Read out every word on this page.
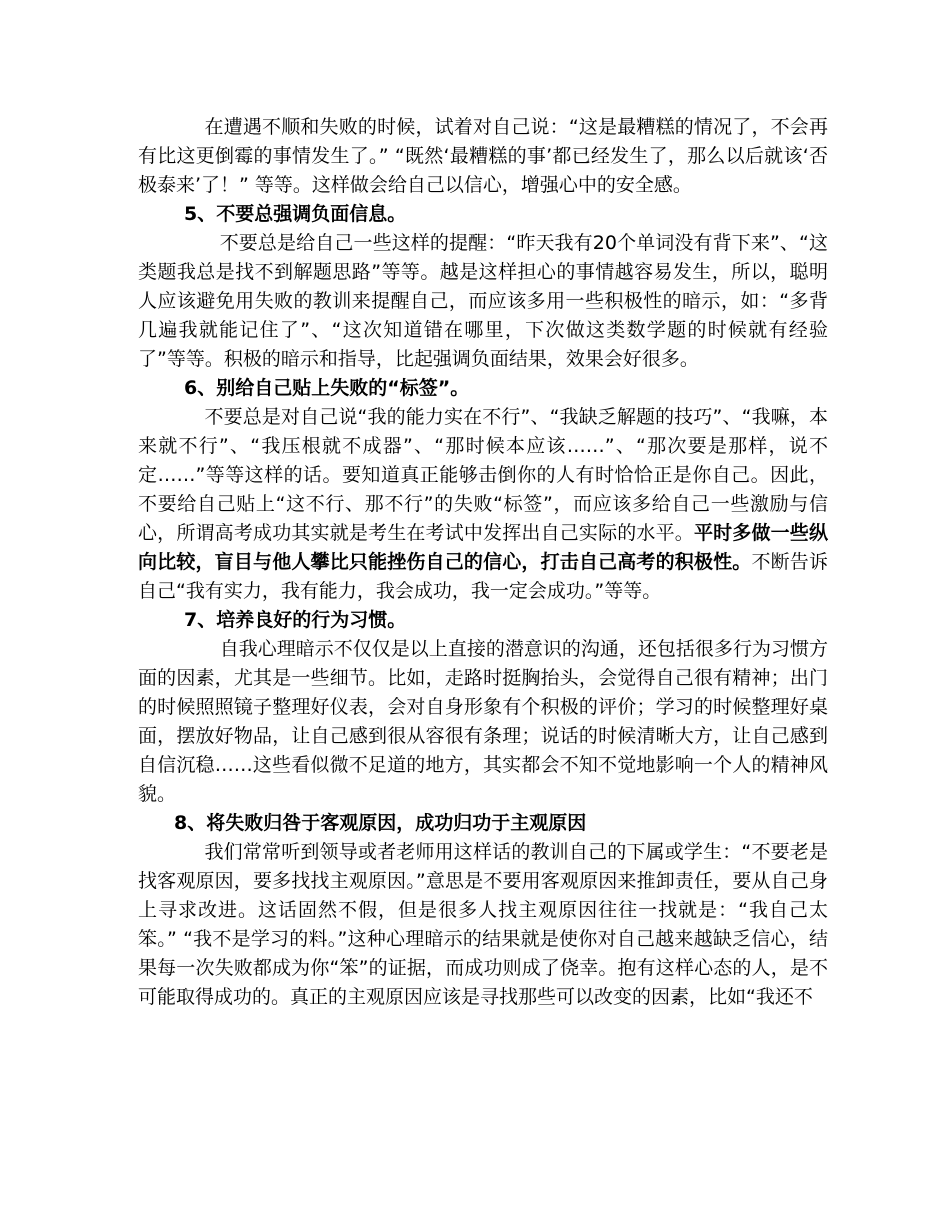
在遭遇不顺和失败的时候，试着对自己说：“这是最糟糕的情况了，不会再有比这更倒霉的事情发生了。” “既然‘最糟糕的事’都已经发生了，那么以后就该‘否极泰来’了！” 等等。这样做会给自己以信心，增强心中的安全感。

5、不要总强调负面信息。

不要总是给自己一些这样的提醒：“昨天我有20个单词没有背下来”、“这类题我总是找不到解题思路”等等。越是这样担心的事情越容易发生，所以，聪明人应该避免用失败的教训来提醒自己，而应该多用一些积极性的暗示，如：“多背几遍我就能记住了”、“这次知道错在哪里，下次做这类数学题的时候就有经验了”等等。积极的暗示和指导，比起强调负面结果，效果会好很多。

6、别给自己贴上失败的“标签”。

不要总是对自己说“我的能力实在不行”、“我缺乏解题的技巧”、“我嘛，本来就不行”、“我压根就不成器”、“那时候本应该……”、“那次要是那样，说不定……”等等这样的话。要知道真正能够击倒你的人有时恰恰正是你自己。因此，不要给自己贴上“这不行、那不行”的失败“标签”，而应该多给自己一些激励与信心，所谓高考成功其实就是考生在考试中发挥出自己实际的水平。平时多做一些纵向比较，盲目与他人攀比只能挫伤自己的信心，打击自己高考的积极性。不断告诉自己“我有实力，我有能力，我会成功，我一定会成功。”等等。

7、培养良好的行为习惯。

自我心理暗示不仅仅是以上直接的潜意识的沟通，还包括很多行为习惯方面的因素，尤其是一些细节。比如，走路时挺胸抬头，会觉得自己很有精神；出门的时候照照镜子整理好仪表，会对自身形象有个积极的评价；学习的时候整理好桌面，摆放好物品，让自己感到很从容很有条理；说话的时候清晰大方，让自己感到自信沉稳……这些看似微不足道的地方，其实都会不知不觉地影响一个人的精神风貌。

8、将失败归咎于客观原因，成功归功于主观原因

我们常常听到领导或者老师用这样话的教训自己的下属或学生：“不要老是找客观原因，要多找找主观原因。”意思是不要用客观原因来推卸责任，要从自己身上寻求改进。这话固然不假，但是很多人找主观原因往往一找就是：“我自己太笨。” “我不是学习的料。”这种心理暗示的结果就是使你对自己越来越缺乏信心，结果每一次失败都成为你“笨”的证据，而成功则成了侥幸。抱有这样心态的人，是不可能取得成功的。真正的主观原因应该是寻找那些可以改变的因素，比如“我还不
